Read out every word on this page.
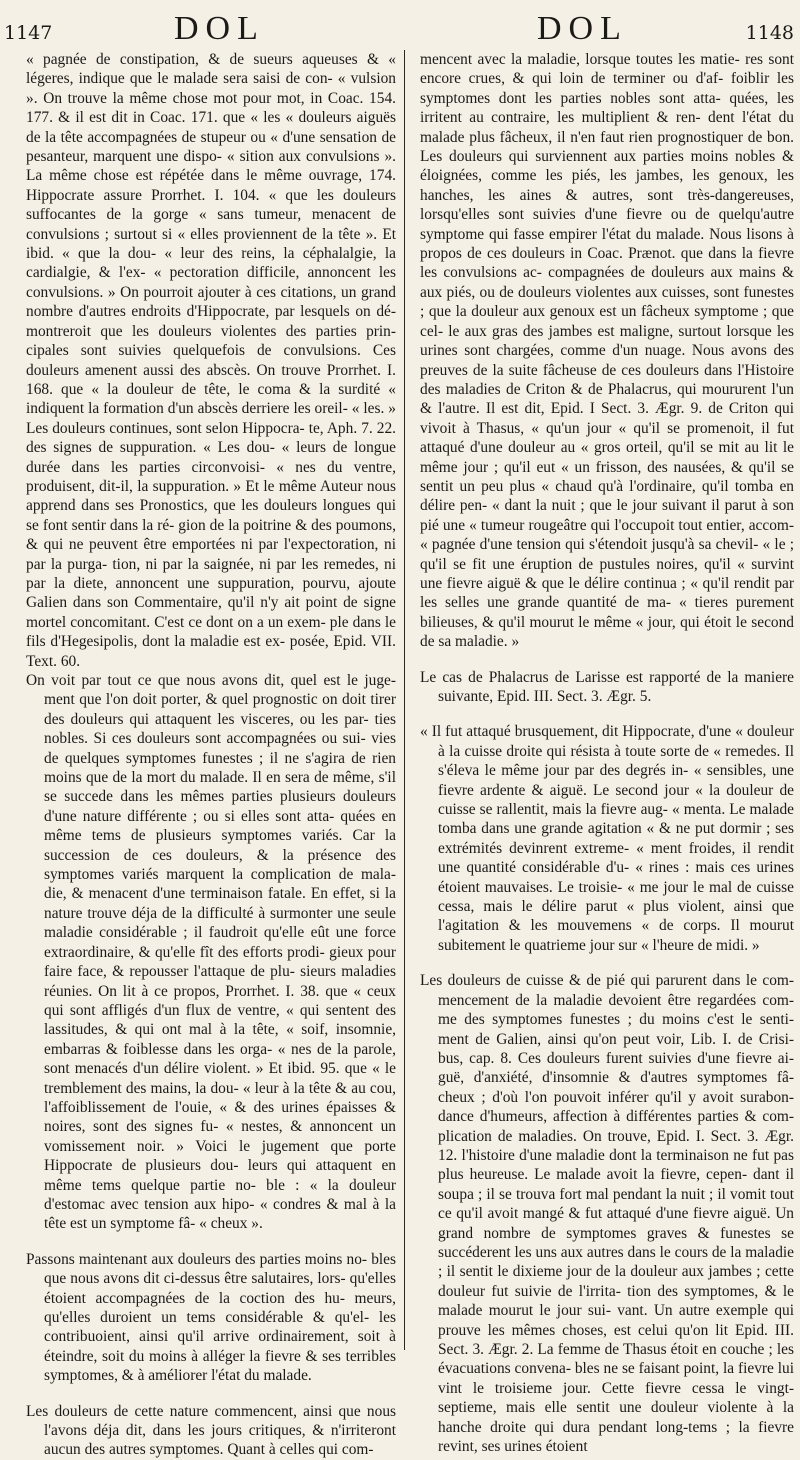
1147	DOL	DOL	1148

« pagnée de constipation, & de sueurs aqueuses & « légeres, indique que le malade sera saisi de con- « vulsion ». On trouve la même chose mot pour mot, in Coac. 154. 177. & il est dit in Coac. 171. que « les « douleurs aiguës de la tête accompagnées de stupeur ou « d'une sensation de pesanteur, marquent une dispo- « sition aux convulsions ». La même chose est répétée dans le même ouvrage, 174. Hippocrate assure Prorrhet. I. 104. « que les douleurs suffocantes de la gorge « sans tumeur, menacent de convulsions ; surtout si « elles proviennent de la tête ». Et ibid. « que la dou- « leur des reins, la céphalalgie, la cardialgie, & l'ex- « pectoration difficile, annoncent les convulsions. » On pourroit ajouter à ces citations, un grand nombre d'autres endroits d'Hippocrate, par lesquels on dé- montreroit que les douleurs violentes des parties prin- cipales sont suivies quelquefois de convulsions. Ces douleurs amenent aussi des abscès. On trouve Prorrhet. I. 168. que « la douleur de tête, le coma & la surdité « indiquent la formation d'un abscès derriere les oreil- « les. » Les douleurs continues, sont selon Hippocra- te, Aph. 7. 22. des signes de suppuration. « Les dou- « leurs de longue durée dans les parties circonvoisi- « nes du ventre, produisent, dit-il, la suppuration. » Et le même Auteur nous apprend dans ses Pronostics, que les douleurs longues qui se font sentir dans la ré- gion de la poitrine & des poumons, & qui ne peuvent être emportées ni par l'expectoration, ni par la purga- tion, ni par la saignée, ni par les remedes, ni par la diete, annoncent une suppuration, pourvu, ajoute Galien dans son Commentaire, qu'il n'y ait point de signe mortel concomitant. C'est ce dont on a un exem- ple dans le fils d'Hegesipolis, dont la maladie est ex- posée, Epid. VII. Text. 60.

On voit par tout ce que nous avons dit, quel est le juge- ment que l'on doit porter, & quel prognostic on doit tirer des douleurs qui attaquent les visceres, ou les par- ties nobles. Si ces douleurs sont accompagnées ou sui- vies de quelques symptomes funestes ; il ne s'agira de rien moins que de la mort du malade. Il en sera de même, s'il se succede dans les mêmes parties plusieurs douleurs d'une nature différente ; ou si elles sont atta- quées en même tems de plusieurs symptomes variés. Car la succession de ces douleurs, & la présence des symptomes variés marquent la complication de mala- die, & menacent d'une terminaison fatale. En effet, si la nature trouve déja de la difficulté à surmonter une seule maladie considérable ; il faudroit qu'elle eût une force extraordinaire, & qu'elle fît des efforts prodi- gieux pour faire face, & repousser l'attaque de plu- sieurs maladies réunies. On lit à ce propos, Prorrhet. I. 38. que « ceux qui sont affligés d'un flux de ventre, « qui sentent des lassitudes, & qui ont mal à la tête, « soif, insomnie, embarras & foiblesse dans les orga- « nes de la parole, sont menacés d'un délire violent. » Et ibid. 95. que « le tremblement des mains, la dou- « leur à la tête & au cou, l'affoiblissement de l'ouie, « & des urines épaisses & noires, sont des signes fu- « nestes, & annoncent un vomissement noir. » Voici le jugement que porte Hippocrate de plusieurs dou- leurs qui attaquent en même tems quelque partie no- ble : « la douleur d'estomac avec tension aux hipo- « condres & mal à la tête est un symptome fâ- « cheux ».

Passons maintenant aux douleurs des parties moins no- bles que nous avons dit ci-dessus être salutaires, lors- qu'elles étoient accompagnées de la coction des hu- meurs, qu'elles duroient un tems considérable & qu'el- les contribuoient, ainsi qu'il arrive ordinairement, soit à éteindre, soit du moins à alléger la fievre & ses terribles symptomes, & à améliorer l'état du malade.

Les douleurs de cette nature commencent, ainsi que nous l'avons déja dit, dans les jours critiques, & n'irriteront aucun des autres symptomes. Quant à celles qui com-

mencent avec la maladie, lorsque toutes les matie- res sont encore crues, & qui loin de terminer ou d'af- foiblir les symptomes dont les parties nobles sont atta- quées, les irritent au contraire, les multiplient & ren- dent l'état du malade plus fâcheux, il n'en faut rien prognostiquer de bon. Les douleurs qui surviennent aux parties moins nobles & éloignées, comme les piés, les jambes, les genoux, les hanches, les aines & autres, sont très-dangereuses, lorsqu'elles sont suivies d'une fievre ou de quelqu'autre symptome qui fasse empirer l'état du malade. Nous lisons à propos de ces douleurs in Coac. Prænot. que dans la fievre les convulsions ac- compagnées de douleurs aux mains & aux piés, ou de douleurs violentes aux cuisses, sont funestes ; que la douleur aux genoux est un fâcheux symptome ; que cel- le aux gras des jambes est maligne, surtout lorsque les urines sont chargées, comme d'un nuage. Nous avons des preuves de la suite fâcheuse de ces douleurs dans l'Histoire des maladies de Criton & de Phalacrus, qui moururent l'un & l'autre. Il est dit, Epid. I Sect. 3. Ægr. 9. de Criton qui vivoit à Thasus, « qu'un jour « qu'il se promenoit, il fut attaqué d'une douleur au « gros orteil, qu'il se mit au lit le même jour ; qu'il eut « un frisson, des nausées, & qu'il se sentit un peu plus « chaud qu'à l'ordinaire, qu'il tomba en délire pen- « dant la nuit ; que le jour suivant il parut à son pié une « tumeur rougeâtre qui l'occupoit tout entier, accom- « pagnée d'une tension qui s'étendoit jusqu'à sa chevil- « le ; qu'il se fit une éruption de pustules noires, qu'il « survint une fievre aiguë & que le délire continua ; « qu'il rendit par les selles une grande quantité de ma- « tieres purement bilieuses, & qu'il mourut le même « jour, qui étoit le second de sa maladie. »

Le cas de Phalacrus de Larisse est rapporté de la maniere suivante, Epid. III. Sect. 3. Ægr. 5.

« Il fut attaqué brusquement, dit Hippocrate, d'une « douleur à la cuisse droite qui résista à toute sorte de « remedes. Il s'éleva le même jour par des degrés in- « sensibles, une fievre ardente & aiguë. Le second jour « la douleur de cuisse se rallentit, mais la fievre aug- « menta. Le malade tomba dans une grande agitation « & ne put dormir ; ses extrémités devinrent extreme- « ment froides, il rendit une quantité considérable d'u- « rines : mais ces urines étoient mauvaises. Le troisie- « me jour le mal de cuisse cessa, mais le délire parut « plus violent, ainsi que l'agitation & les mouvemens « de corps. Il mourut subitement le quatrieme jour sur « l'heure de midi. »

Les douleurs de cuisse & de pié qui parurent dans le com- mencement de la maladie devoient être regardées com- me des symptomes funestes ; du moins c'est le senti- ment de Galien, ainsi qu'on peut voir, Lib. I. de Crisi- bus, cap. 8. Ces douleurs furent suivies d'une fievre ai- guë, d'anxiété, d'insomnie & d'autres symptomes fâ- cheux ; d'où l'on pouvoit inférer qu'il y avoit surabon- dance d'humeurs, affection à différentes parties & com- plication de maladies. On trouve, Epid. I. Sect. 3. Ægr. 12. l'histoire d'une maladie dont la terminaison ne fut pas plus heureuse. Le malade avoit la fievre, cepen- dant il soupa ; il se trouva fort mal pendant la nuit ; il vomit tout ce qu'il avoit mangé & fut attaqué d'une fievre aiguë. Un grand nombre de symptomes graves & funestes se succéderent les uns aux autres dans le cours de la maladie ; il sentit le dixieme jour de la douleur aux jambes ; cette douleur fut suivie de l'irrita- tion des symptomes, & le malade mourut le jour sui- vant. Un autre exemple qui prouve les mêmes choses, est celui qu'on lit Epid. III. Sect. 3. Ægr. 2. La femme de Thasus étoit en couche ; les évacuations convena- bles ne se faisant point, la fievre lui vint le troisieme jour. Cette fievre cessa le vingt-septieme, mais elle sentit une douleur violente à la hanche droite qui dura pendant long-tems ; la fievre revint, ses urines étoient
